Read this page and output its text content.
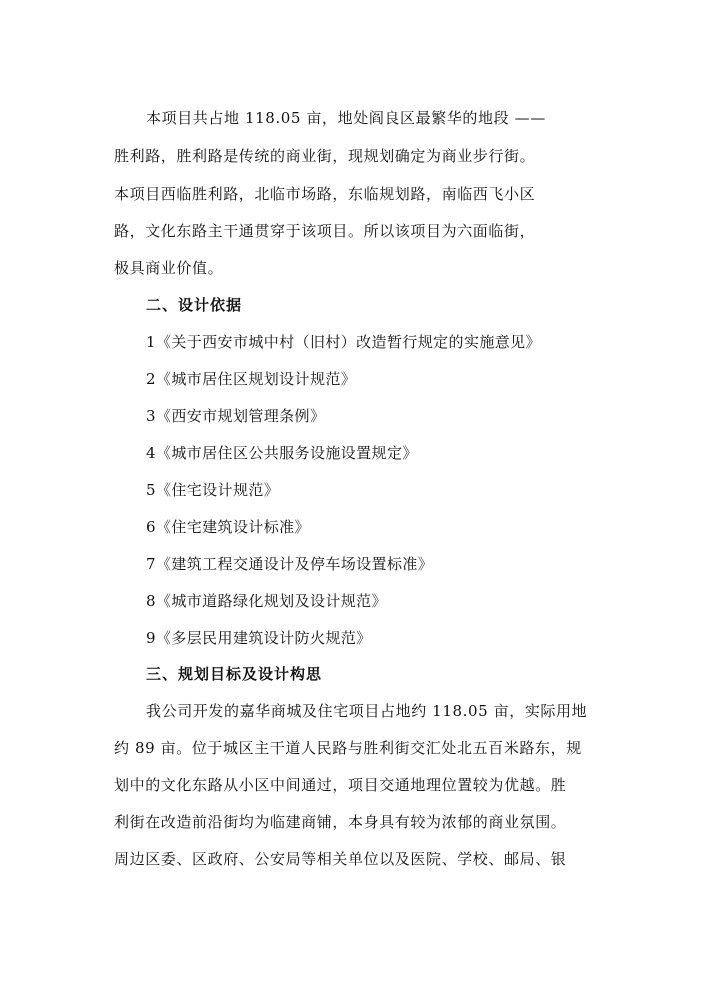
本项目共占地 118.05 亩，地处阎良区最繁华的地段 ——
胜利路，胜利路是传统的商业街，现规划确定为商业步行街。
本项目西临胜利路，北临市场路，东临规划路，南临西飞小区
路，文化东路主干通贯穿于该项目。所以该项目为六面临街，
极具商业价值。
二、设计依据
1《关于西安市城中村（旧村）改造暂行规定的实施意见》
2《城市居住区规划设计规范》
3《西安市规划管理条例》
4《城市居住区公共服务设施设置规定》
5《住宅设计规范》
6《住宅建筑设计标准》
7《建筑工程交通设计及停车场设置标准》
8《城市道路绿化规划及设计规范》
9《多层民用建筑设计防火规范》
三、规划目标及设计构思
我公司开发的嘉华商城及住宅项目占地约 118.05 亩，实际用地
约 89 亩。位于城区主干道人民路与胜利街交汇处北五百米路东，规
划中的文化东路从小区中间通过，项目交通地理位置较为优越。胜
利街在改造前沿街均为临建商铺，本身具有较为浓郁的商业氛围。
周边区委、区政府、公安局等相关单位以及医院、学校、邮局、银
